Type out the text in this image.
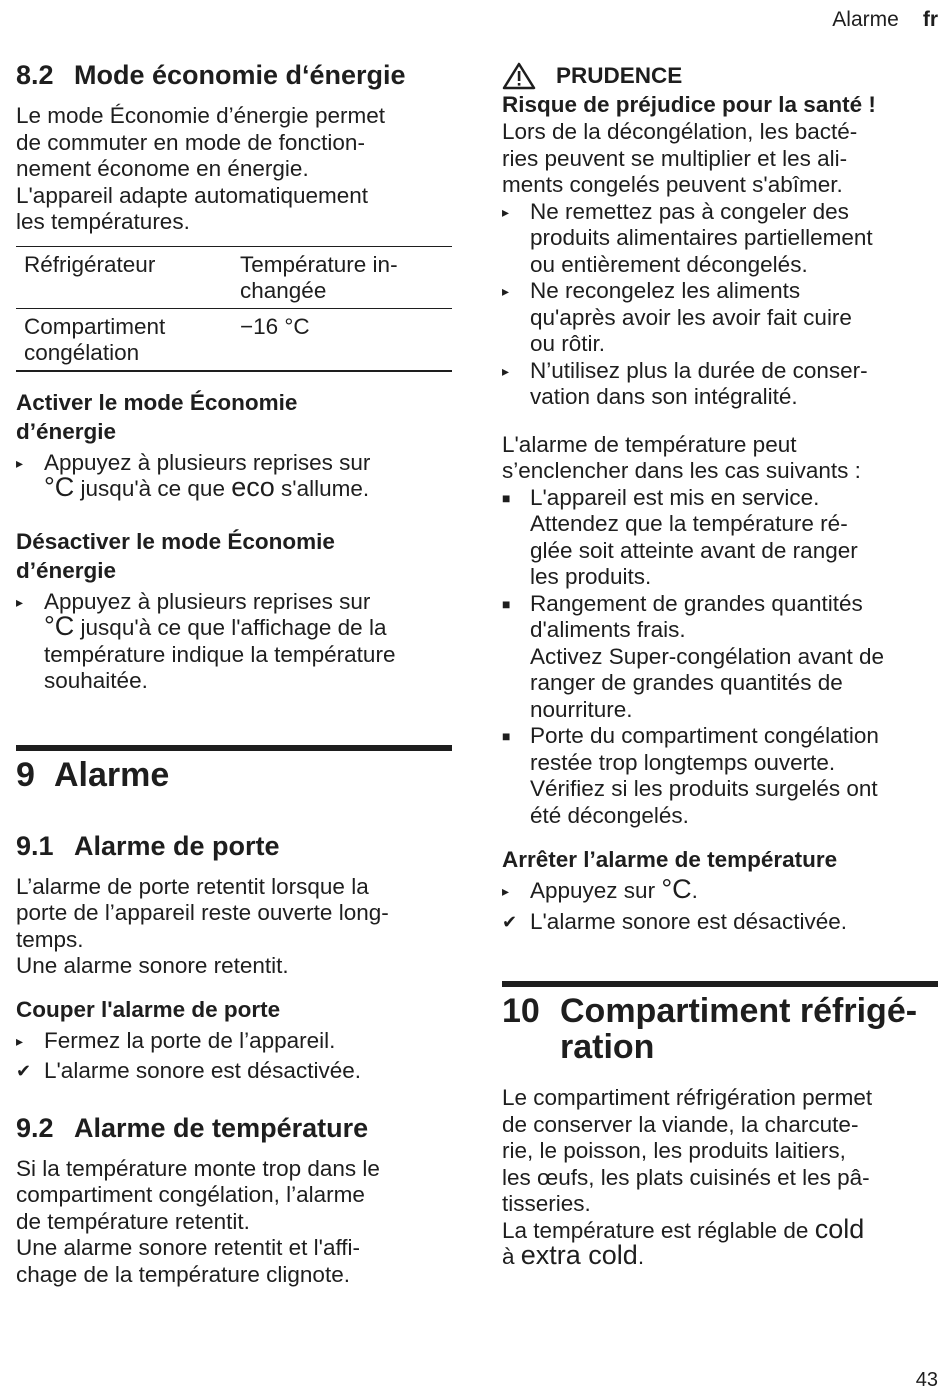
Alarme fr
8.2 Mode économie d‘énergie

Le mode Économie d’énergie permet

de commuter en mode de fonction-

nement économe en énergie.

L'appareil adapte automatiquement

les températures.

Réfrigérateur	Température in-
changée

Compartiment
congélation	−16 °C
Activer le mode Économie
d’énergie
▸ Appuyez à plusieurs reprises sur
°C jusqu'à ce que eco s'allume.
Désactiver le mode Économie
d’énergie
▸ Appuyez à plusieurs reprises sur
°C jusqu'à ce que l'affichage de la
température indique la température
souhaitée.
9 Alarme
9.1 Alarme de porte

L’alarme de porte retentit lorsque la

porte de l’appareil reste ouverte long-

temps.

Une alarme sonore retentit.

Couper l'alarme de porte
▸ Fermez la porte de l’appareil.
✔ L'alarme sonore est désactivée.
9.2 Alarme de température

Si la température monte trop dans le

compartiment congélation, l’alarme

de température retentit.

Une alarme sonore retentit et l'affi-

chage de la température clignote.

PRUDENCE
Risque de préjudice pour la santé !

Lors de la décongélation, les bacté-

ries peuvent se multiplier et les ali-

ments congelés peuvent s'abîmer.

▸ Ne remettez pas à congeler des
produits alimentaires partiellement
ou entièrement décongelés.
▸ Ne recongelez les aliments
qu'après avoir les avoir fait cuire
ou rôtir.
▸ N’utilisez plus la durée de conser-
vation dans son intégralité.

L'alarme de température peut

s’enclencher dans les cas suivants :

■ L'appareil est mis en service.
Attendez que la température ré-
glée soit atteinte avant de ranger
les produits.
■ Rangement de grandes quantités
d'aliments frais.
Activez Super-congélation avant de
ranger de grandes quantités de
nourriture.
■ Porte du compartiment congélation
restée trop longtemps ouverte.
Vérifiez si les produits surgelés ont
été décongelés.
Arrêter l’alarme de température
▸ Appuyez sur °C.
✔ L'alarme sonore est désactivée.
10 Compartiment réfrigé-
ration

Le compartiment réfrigération permet

de conserver la viande, la charcute-

rie, le poisson, les produits laitiers,

les œufs, les plats cuisinés et les pâ-

tisseries.

La température est réglable de cold

à extra cold.

43
